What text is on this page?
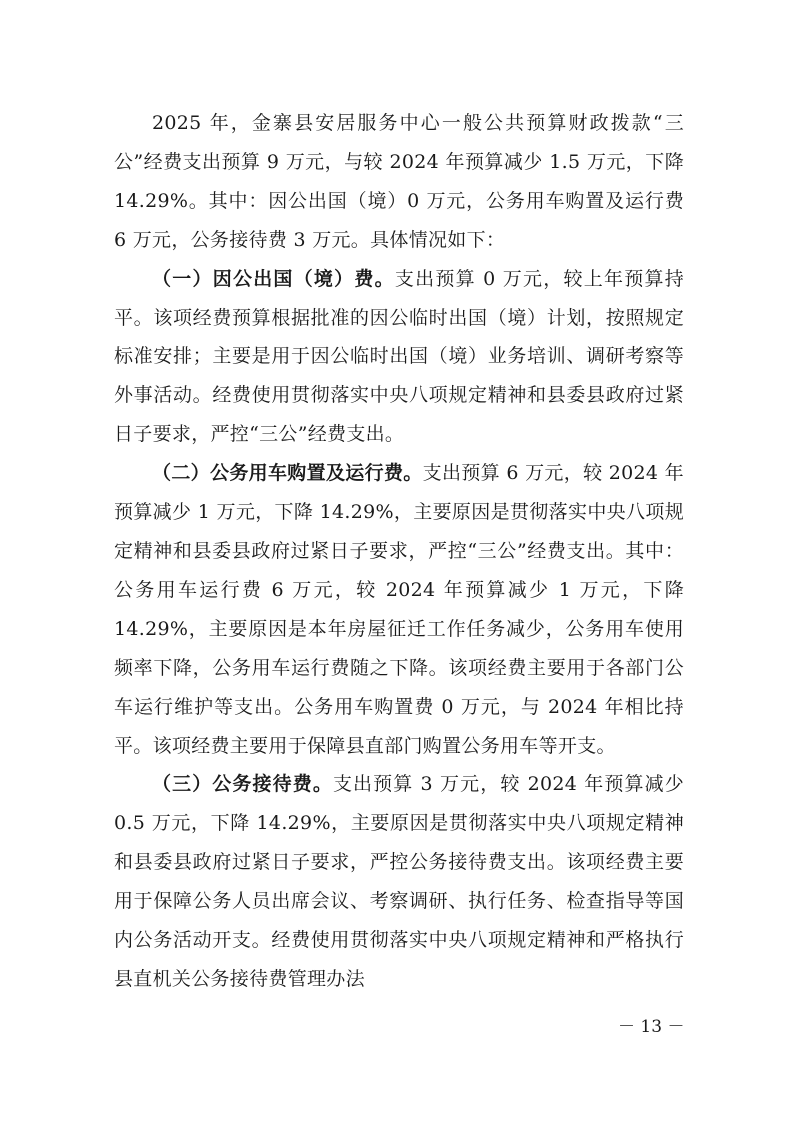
2025 年，金寨县安居服务中心一般公共预算财政拨款“三公”经费支出预算 9 万元，与较 2024 年预算减少 1.5 万元，下降 14.29%。其中：因公出国（境）0 万元，公务用车购置及运行费 6 万元，公务接待费 3 万元。具体情况如下：

（一）因公出国（境）费。支出预算 0 万元，较上年预算持平。该项经费预算根据批准的因公临时出国（境）计划，按照规定标准安排；主要是用于因公临时出国（境）业务培训、调研考察等外事活动。经费使用贯彻落实中央八项规定精神和县委县政府过紧日子要求，严控“三公”经费支出。

（二）公务用车购置及运行费。支出预算 6 万元，较 2024 年预算减少 1 万元，下降 14.29%，主要原因是贯彻落实中央八项规定精神和县委县政府过紧日子要求，严控“三公”经费支出。其中：公务用车运行费 6 万元，较 2024 年预算减少 1 万元，下降 14.29%，主要原因是本年房屋征迁工作任务减少，公务用车使用频率下降，公务用车运行费随之下降。该项经费主要用于各部门公车运行维护等支出。公务用车购置费 0 万元，与 2024 年相比持平。该项经费主要用于保障县直部门购置公务用车等开支。

（三）公务接待费。支出预算 3 万元，较 2024 年预算减少 0.5 万元，下降 14.29%，主要原因是贯彻落实中央八项规定精神和县委县政府过紧日子要求，严控公务接待费支出。该项经费主要用于保障公务人员出席会议、考察调研、执行任务、检查指导等国内公务活动开支。经费使用贯彻落实中央八项规定精神和严格执行县直机关公务接待费管理办法

－ 13 －
